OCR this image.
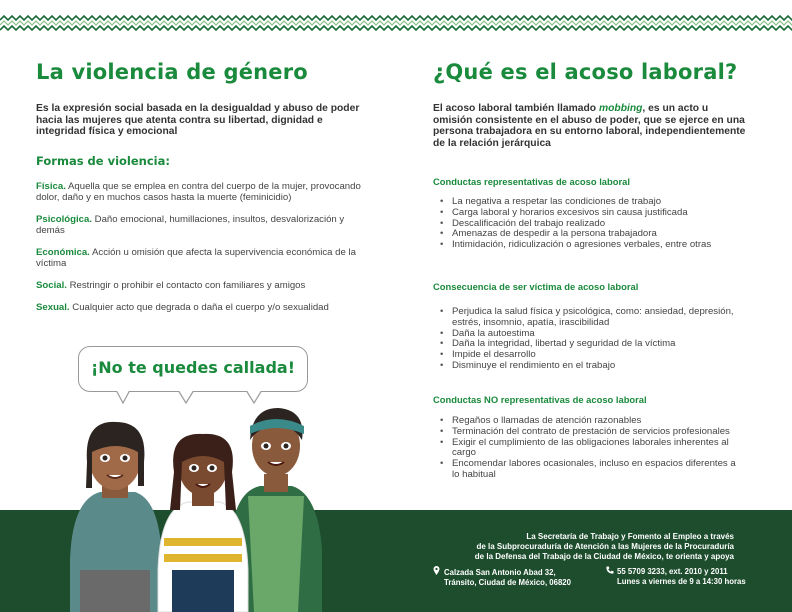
La violencia de género
Es la expresión social basada en la desigualdad y abuso de poder hacia las mujeres que atenta contra su libertad, dignidad e integridad física y emocional
Formas de violencia:
Física. Aquella que se emplea en contra del cuerpo de la mujer, provocando dolor, daño y en muchos casos hasta la muerte (feminicidio)
Psicológica. Daño emocional, humillaciones, insultos, desvalorización y demás
Económica. Acción u omisión que afecta la supervivencia económica de la víctima
Social. Restringir o prohibir el contacto con familiares y amigos
Sexual. Cualquier acto que degrada o daña el cuerpo y/o sexualidad
¡No te quedes callada!
¿Qué es el acoso laboral?
El acoso laboral también llamado mobbing, es un acto u omisión consistente en el abuso de poder, que se ejerce en una persona trabajadora en su entorno laboral, independientemente de la relación jerárquica
Conductas representativas de acoso laboral
• La negativa a respetar las condiciones de trabajo
• Carga laboral y horarios excesivos sin causa justificada
• Descalificación del trabajo realizado
• Amenazas de despedir a la persona trabajadora
• Intimidación, ridiculización o agresiones verbales, entre otras
Consecuencia de ser víctima de acoso laboral
• Perjudica la salud física y psicológica, como: ansiedad, depresión, estrés, insomnio, apatía, irascibilidad
• Daña la autoestima
• Daña la integridad, libertad y seguridad de la víctima
• Impide el desarrollo
• Disminuye el rendimiento en el trabajo
Conductas NO representativas de acoso laboral
• Regaños o llamadas de atención razonables
• Terminación del contrato de prestación de servicios profesionales
• Exigir el cumplimiento de las obligaciones laborales inherentes al cargo
• Encomendar labores ocasionales, incluso en espacios diferentes a lo habitual
La Secretaría de Trabajo y Fomento al Empleo a través
de la Subprocuraduría de Atención a las Mujeres de la Procuraduría
de la Defensa del Trabajo de la Ciudad de México, te orienta y apoya
Calzada San Antonio Abad 32,
Tránsito, Ciudad de México, 06820
55 5709 3233, ext. 2010 y 2011
Lunes a viernes de 9 a 14:30 horas
